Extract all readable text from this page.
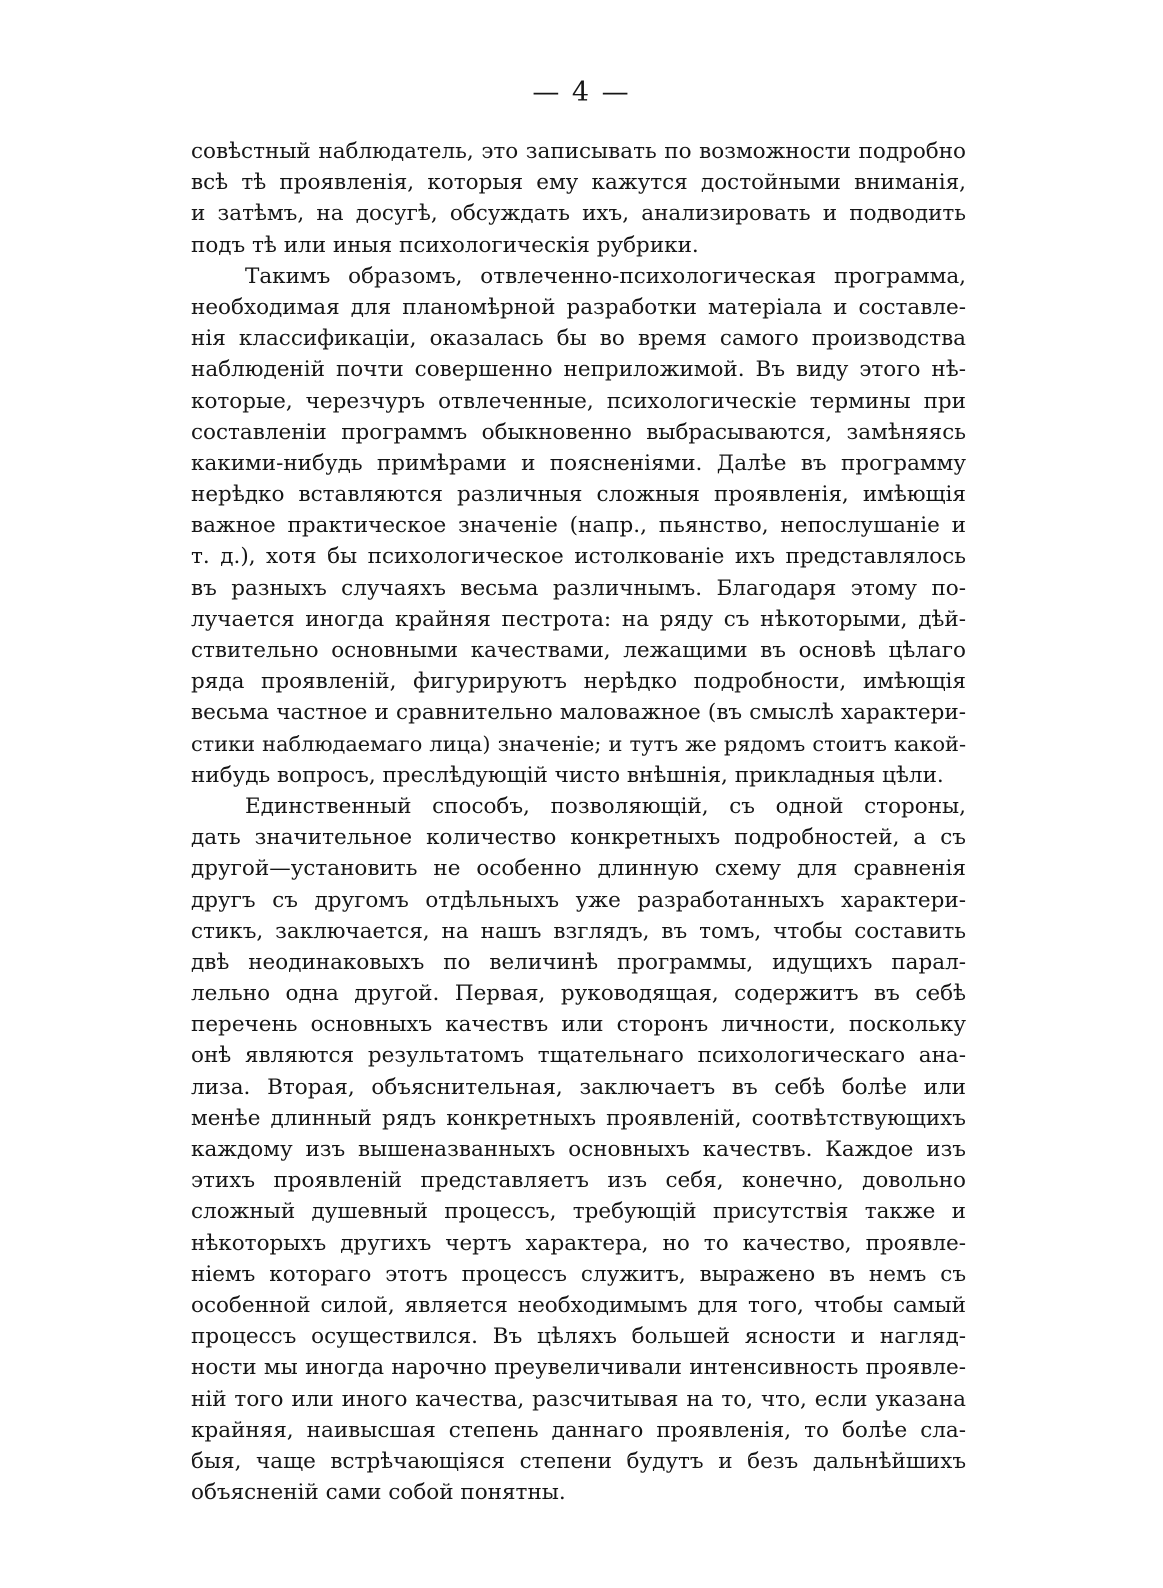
— 4 —
совѣстный наблюдатель, это записывать по возможности подробно
всѣ тѣ проявленія, которыя ему кажутся достойными вниманія,
и затѣмъ, на досугѣ, обсуждать ихъ, анализировать и подводить
подъ тѣ или иныя психологическія рубрики.
Такимъ образомъ, отвлеченно-психологическая программа,
необходимая для планомѣрной разработки матеріала и составле-
нія классификаціи, оказалась бы во время самого производства
наблюденій почти совершенно неприложимой. Въ виду этого нѣ-
которые, черезчуръ отвлеченные, психологическіе термины при
составленіи программъ обыкновенно выбрасываются, замѣняясь
какими-нибудь примѣрами и поясненіями. Далѣе въ программу
нерѣдко вставляются различныя сложныя проявленія, имѣющія
важное практическое значеніе (напр., пьянство, непослушаніе и
т. д.), хотя бы психологическое истолкованіе ихъ представлялось
въ разныхъ случаяхъ весьма различнымъ. Благодаря этому по-
лучается иногда крайняя пестрота: на ряду съ нѣкоторыми, дѣй-
ствительно основными качествами, лежащими въ основѣ цѣлаго
ряда проявленій, фигурируютъ нерѣдко подробности, имѣющія
весьма частное и сравнительно маловажное (въ смыслѣ характери-
стики наблюдаемаго лица) значеніе; и тутъ же рядомъ стоитъ какой-
нибудь вопросъ, преслѣдующій чисто внѣшнія, прикладныя цѣли.
Единственный способъ, позволяющій, съ одной стороны,
дать значительное количество конкретныхъ подробностей, а съ
другой—установить не особенно длинную схему для сравненія
другъ съ другомъ отдѣльныхъ уже разработанныхъ характери-
стикъ, заключается, на нашъ взглядъ, въ томъ, чтобы составить
двѣ неодинаковыхъ по величинѣ программы, идущихъ парал-
лельно одна другой. Первая, руководящая, содержитъ въ себѣ
перечень основныхъ качествъ или сторонъ личности, поскольку
онѣ являются результатомъ тщательнаго психологическаго ана-
лиза. Вторая, объяснительная, заключаетъ въ себѣ болѣе или
менѣе длинный рядъ конкретныхъ проявленій, соотвѣтствующихъ
каждому изъ вышеназванныхъ основныхъ качествъ. Каждое изъ
этихъ проявленій представляетъ изъ себя, конечно, довольно
сложный душевный процессъ, требующій присутствія также и
нѣкоторыхъ другихъ чертъ характера, но то качество, проявле-
ніемъ котораго этотъ процессъ служитъ, выражено въ немъ съ
особенной силой, является необходимымъ для того, чтобы самый
процессъ осуществился. Въ цѣляхъ большей ясности и нагляд-
ности мы иногда нарочно преувеличивали интенсивность проявле-
ній того или иного качества, разсчитывая на то, что, если указана
крайняя, наивысшая степень даннаго проявленія, то болѣе сла-
быя, чаще встрѣчающіяся степени будутъ и безъ дальнѣйшихъ
объясненій сами собой понятны.
